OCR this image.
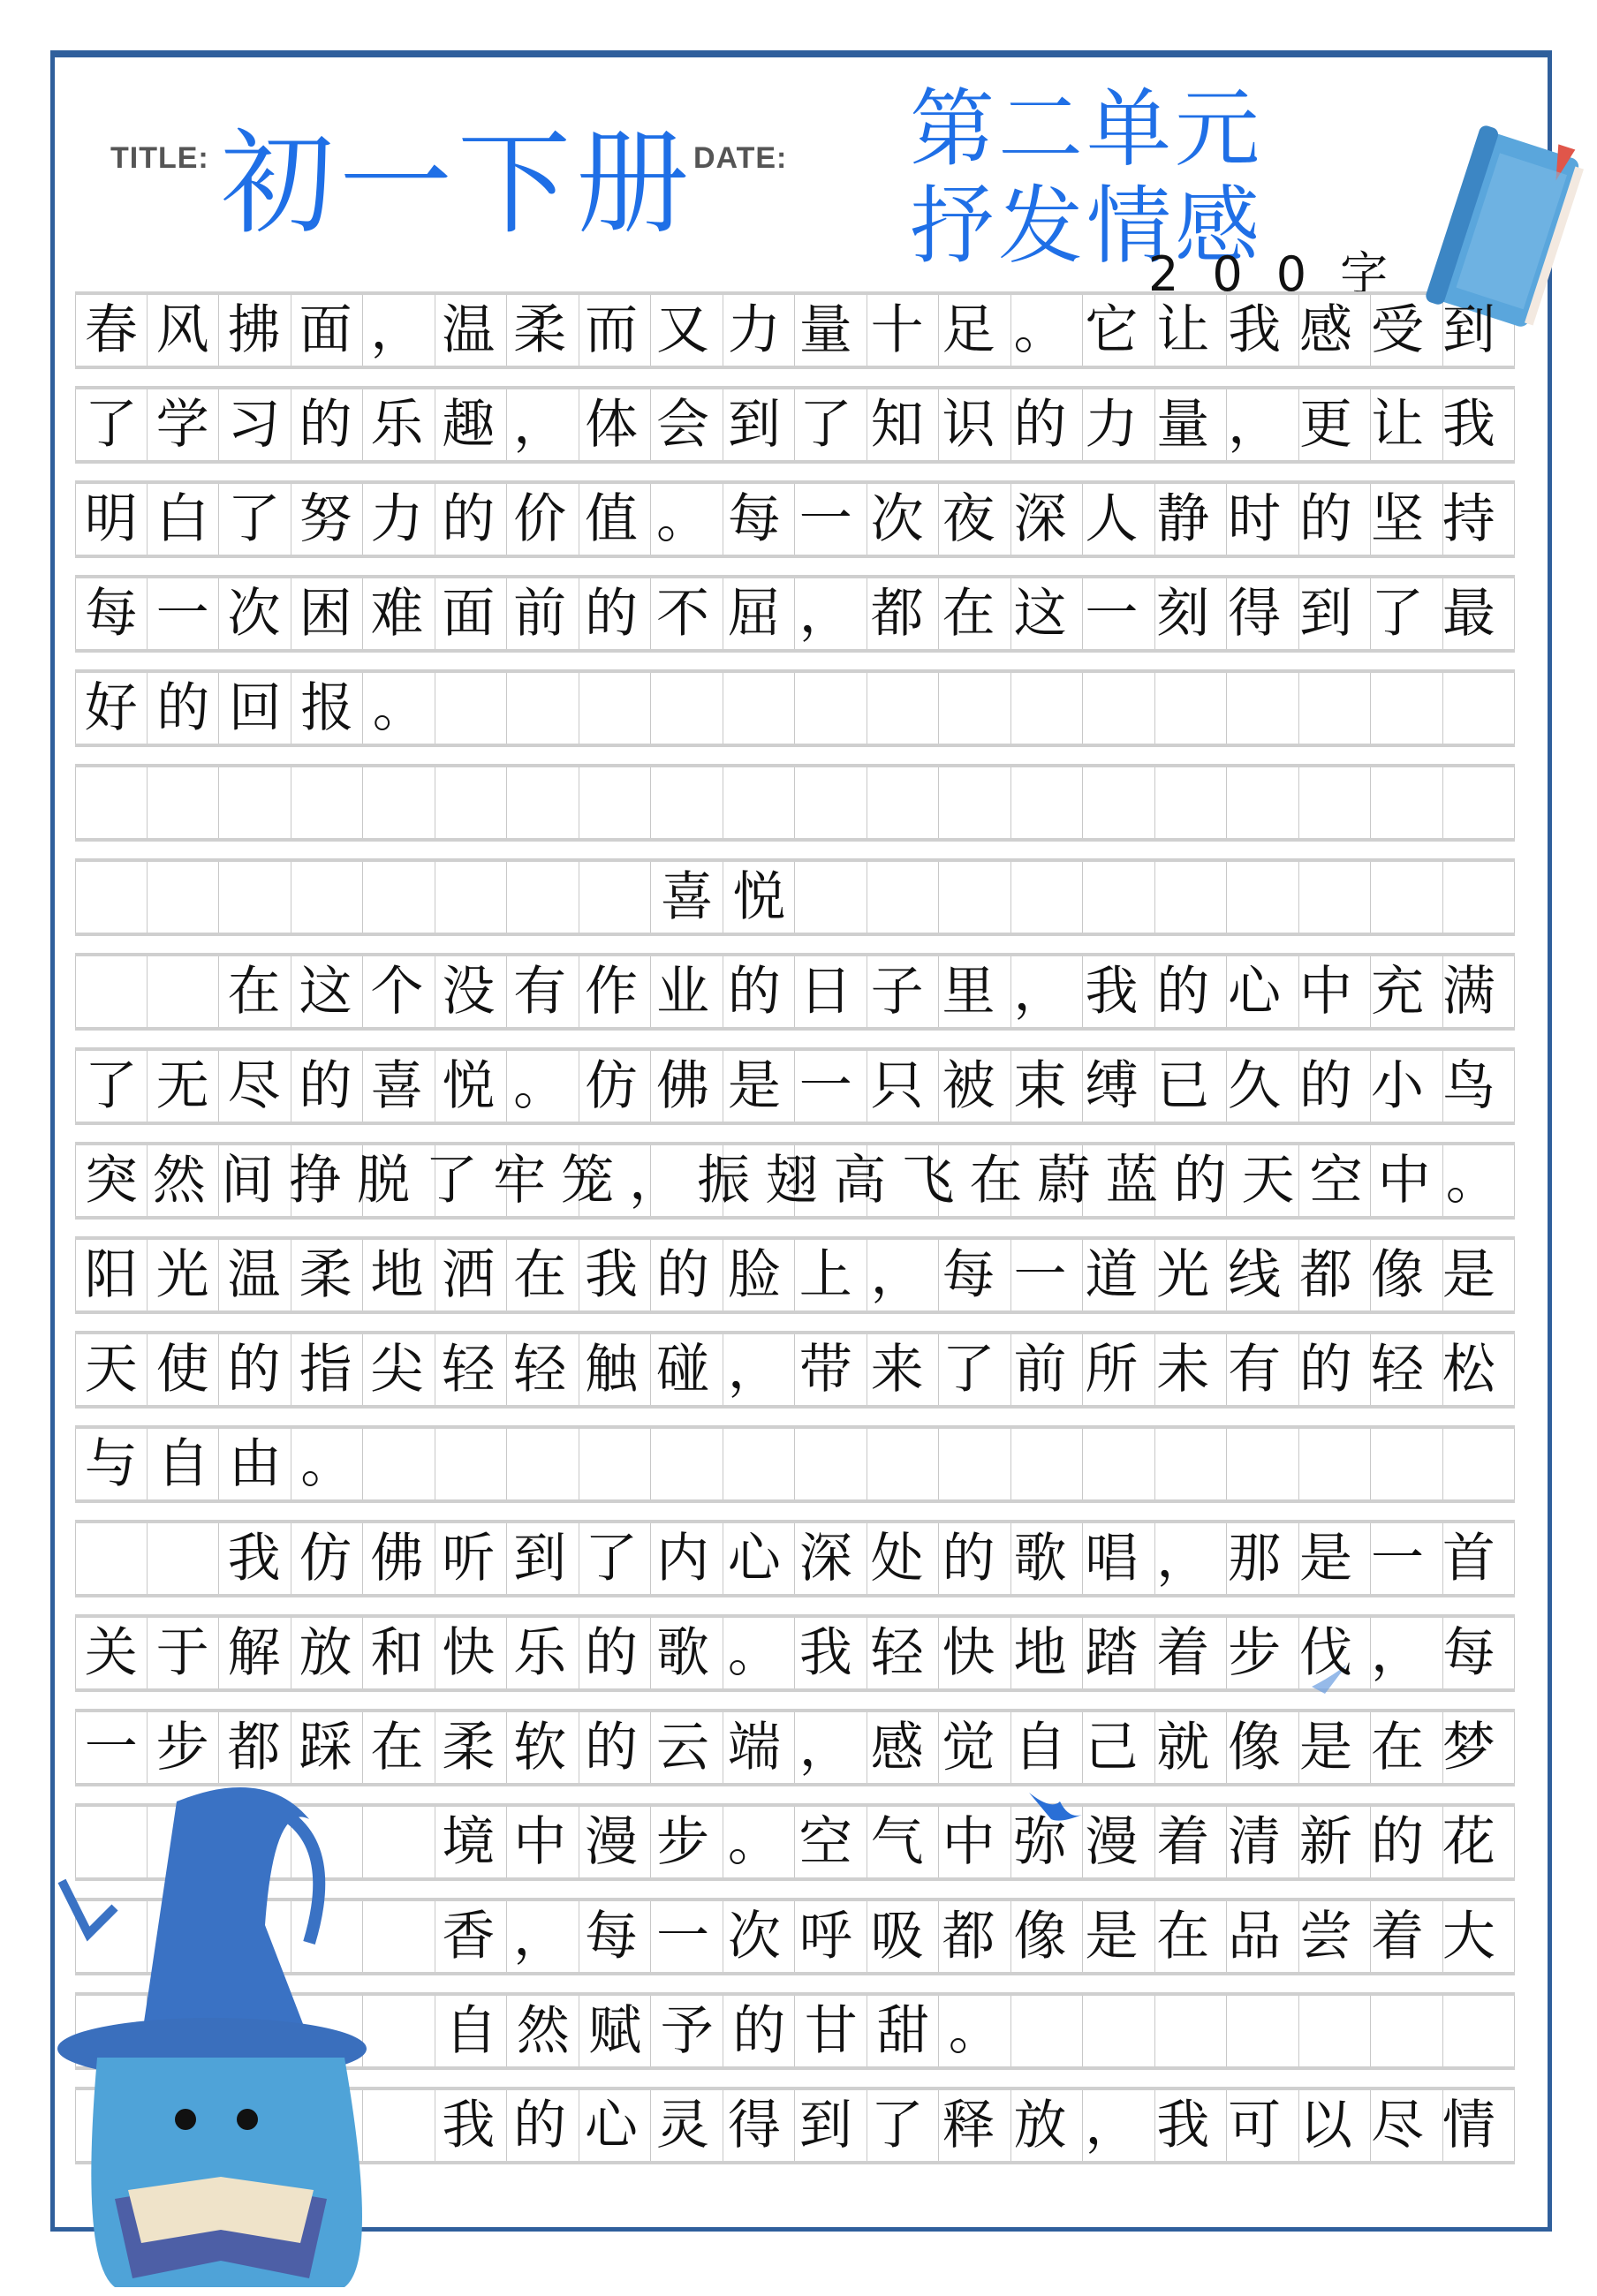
TITLE: 初一下册
DATE: 第二单元
抒发情感
200字
春风拂面，温柔而又力量十足。它让我感受到
了学习的乐趣，体会到了知识的力量，更让我
明白了努力的价值。每一次夜深人静时的坚持
每一次困难面前的不屈，都在这一刻得到了最
好的回报。
　　　　　　　　喜悦
　　在这个没有作业的日子里，我的心中充满
了无尽的喜悦。仿佛是一只被束缚已久的小鸟
突然间挣脱了牢笼，振翅高飞在蔚蓝的天空中。
阳光温柔地洒在我的脸上，每一道光线都像是
天使的指尖轻轻触碰，带来了前所未有的轻松
与自由。
　　我仿佛听到了内心深处的歌唱，那是一首
关于解放和快乐的歌。我轻快地踏着步伐，每
一步都踩在柔软的云端，感觉自己就像是在梦
　　　　　境中漫步。空气中弥漫着清新的花
　　　　　香，每一次呼吸都像是在品尝着大
　　　　　自然赋予的甘甜。
　　　　　我的心灵得到了释放，我可以尽情
